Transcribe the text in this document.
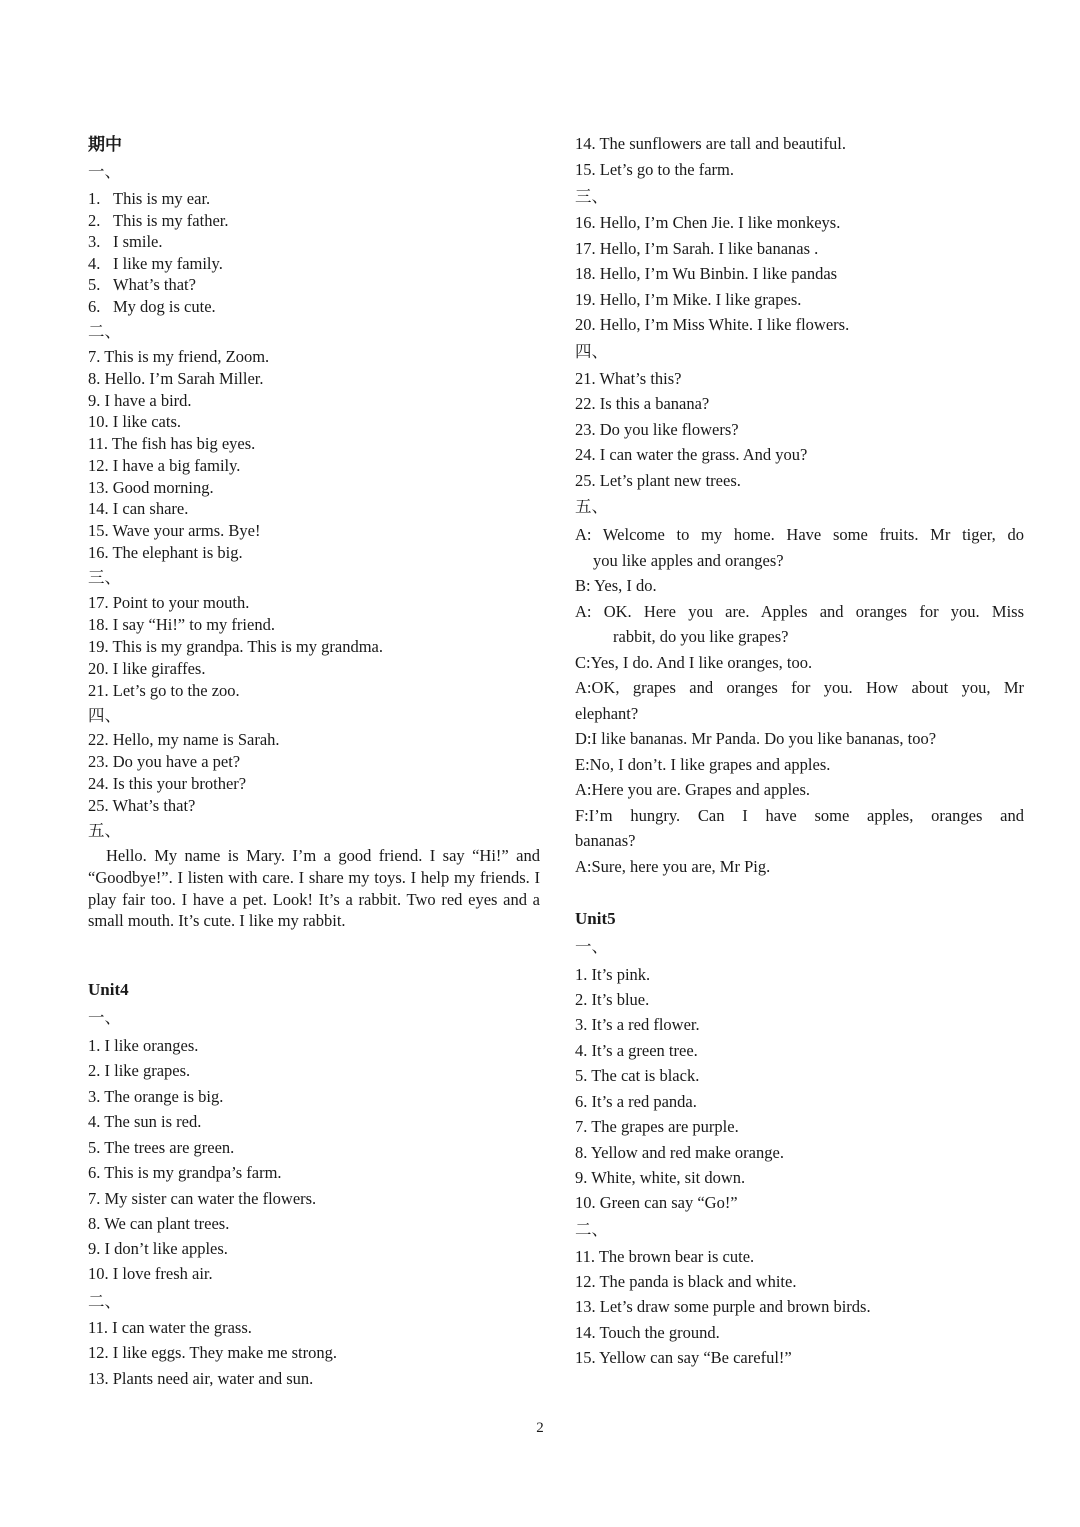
期中
一、
1. This is my ear.
2. This is my father.
3. I smile.
4. I like my family.
5. What’s that?
6. My dog is cute.
二、
7. This is my friend, Zoom.
8. Hello. I’m Sarah Miller.
9. I have a bird.
10. I like cats.
11. The fish has big eyes.
12. I have a big family.
13. Good morning.
14. I can share.
15. Wave your arms. Bye!
16. The elephant is big.
三、
17. Point to your mouth.
18. I say “Hi!” to my friend.
19. This is my grandpa. This is my grandma.
20. I like giraffes.
21. Let’s go to the zoo.
四、
22. Hello, my name is Sarah.
23. Do you have a pet?
24. Is this your brother?
25. What’s that?
五、
Hello. My name is Mary. I’m a good friend. I say “Hi!” and “Goodbye!”. I listen with care. I share my toys. I help my friends. I play fair too. I have a pet. Look! It’s a rabbit. Two red eyes and a small mouth. It’s cute. I like my rabbit.
Unit4
一、
1. I like oranges.
2. I like grapes.
3. The orange is big.
4. The sun is red.
5. The trees are green.
6. This is my grandpa’s farm.
7. My sister can water the flowers.
8. We can plant trees.
9. I don’t like apples.
10. I love fresh air.
二、
11. I can water the grass.
12. I like eggs. They make me strong.
13. Plants need air, water and sun.
14. The sunflowers are tall and beautiful.
15. Let’s go to the farm.
三、
16. Hello, I’m Chen Jie. I like monkeys.
17. Hello, I’m Sarah. I like bananas .
18. Hello, I’m Wu Binbin. I like pandas
19. Hello, I’m Mike. I like grapes.
20. Hello, I’m Miss White. I like flowers.
四、
21. What’s this?
22. Is this a banana?
23. Do you like flowers?
24. I can water the grass. And you?
25. Let’s plant new trees.
五、
A: Welcome to my home. Have some fruits. Mr tiger, do
you like apples and oranges?
B: Yes, I do.
A: OK. Here you are. Apples and oranges for you. Miss
rabbit, do you like grapes?
C:Yes, I do. And I like oranges, too.
A:OK, grapes and oranges for you. How about you, Mr
elephant?
D:I like bananas. Mr Panda. Do you like bananas, too?
E:No, I don’t. I like grapes and apples.
A:Here you are. Grapes and apples.
F:I’m hungry. Can I have some apples, oranges and
bananas?
A:Sure, here you are, Mr Pig.
Unit5
一、
1. It’s pink.
2. It’s blue.
3. It’s a red flower.
4. It’s a green tree.
5. The cat is black.
6. It’s a red panda.
7. The grapes are purple.
8. Yellow and red make orange.
9. White, white, sit down.
10. Green can say “Go!”
二、
11. The brown bear is cute.
12. The panda is black and white.
13. Let’s draw some purple and brown birds.
14. Touch the ground.
15. Yellow can say “Be careful!”
2
